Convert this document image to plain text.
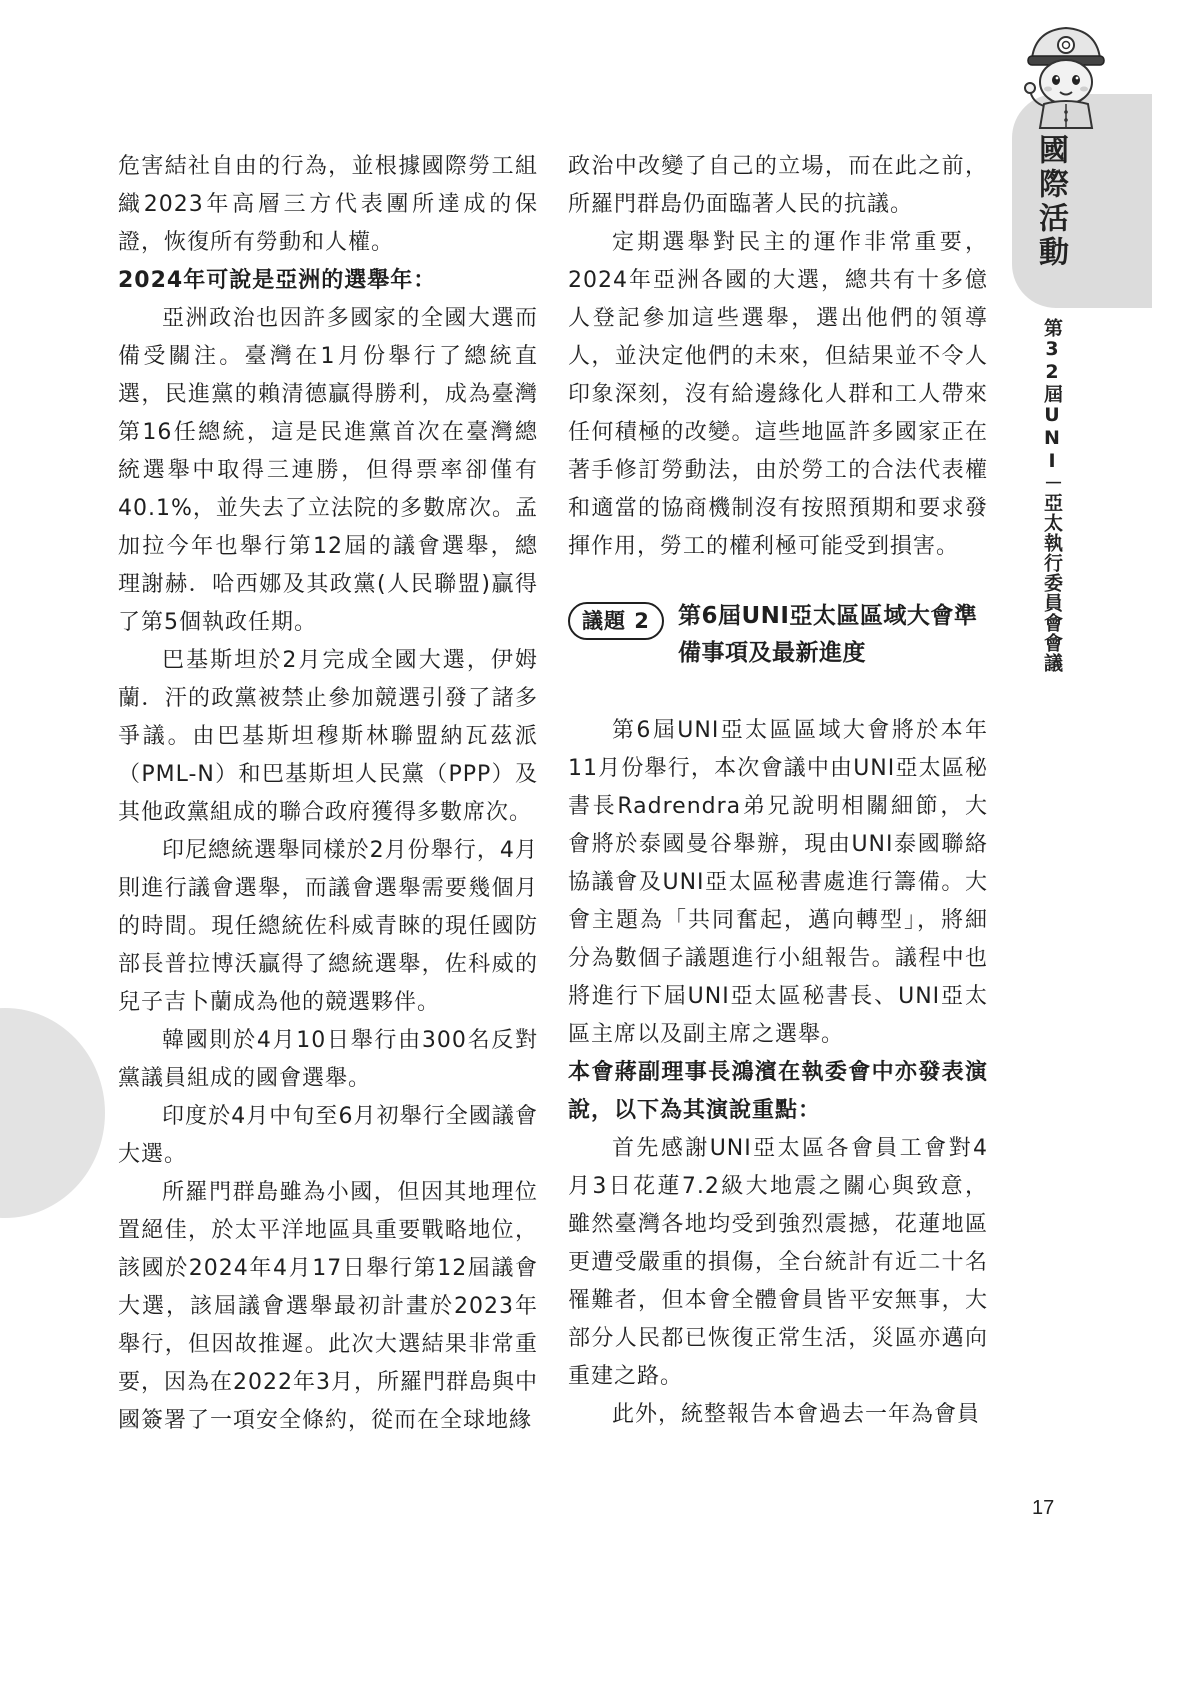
危害結社自由的行為，並根據國際勞工組織2023年高層三方代表團所達成的保證，恢復所有勞動和人權。

2024年可說是亞洲的選舉年：

亞洲政治也因許多國家的全國大選而備受關注。臺灣在1月份舉行了總統直選，民進黨的賴清德贏得勝利，成為臺灣第16任總統，這是民進黨首次在臺灣總統選舉中取得三連勝，但得票率卻僅有40.1%，並失去了立法院的多數席次。孟加拉今年也舉行第12屆的議會選舉，總理謝赫．哈西娜及其政黨(人民聯盟)贏得了第5個執政任期。

巴基斯坦於2月完成全國大選，伊姆蘭．汗的政黨被禁止參加競選引發了諸多爭議。由巴基斯坦穆斯林聯盟納瓦茲派（PML-N）和巴基斯坦人民黨（PPP）及其他政黨組成的聯合政府獲得多數席次。

印尼總統選舉同樣於2月份舉行，4月則進行議會選舉，而議會選舉需要幾個月的時間。現任總統佐科威青睞的現任國防部長普拉博沃贏得了總統選舉，佐科威的兒子吉卜蘭成為他的競選夥伴。

韓國則於4月10日舉行由300名反對黨議員組成的國會選舉。

印度於4月中旬至6月初舉行全國議會大選。

所羅門群島雖為小國，但因其地理位置絕佳，於太平洋地區具重要戰略地位，該國於2024年4月17日舉行第12屆議會大選，該屆議會選舉最初計畫於2023年舉行，但因故推遲。此次大選結果非常重要，因為在2022年3月，所羅門群島與中國簽署了一項安全條約，從而在全球地緣

政治中改變了自己的立場，而在此之前，所羅門群島仍面臨著人民的抗議。

定期選舉對民主的運作非常重要，2024年亞洲各國的大選，總共有十多億人登記參加這些選舉，選出他們的領導人，並決定他們的未來，但結果並不令人印象深刻，沒有給邊緣化人群和工人帶來任何積極的改變。這些地區許多國家正在著手修訂勞動法，由於勞工的合法代表權和適當的協商機制沒有按照預期和要求發揮作用，勞工的權利極可能受到損害。

議題 2	第6屆UNI亞太區區域大會準備事項及最新進度

第6屆UNI亞太區區域大會將於本年11月份舉行，本次會議中由UNI亞太區秘書長Radrendra弟兄說明相關細節，大會將於泰國曼谷舉辦，現由UNI泰國聯絡協議會及UNI亞太區秘書處進行籌備。大會主題為「共同奮起，邁向轉型」，將細分為數個子議題進行小組報告。議程中也將進行下屆UNI亞太區秘書長、UNI亞太區主席以及副主席之選舉。

本會蔣副理事長鴻濱在執委會中亦發表演說，以下為其演說重點：

首先感謝UNI亞太區各會員工會對4月3日花蓮7.2級大地震之關心與致意，雖然臺灣各地均受到強烈震撼，花蓮地區更遭受嚴重的損傷，全台統計有近二十名罹難者，但本會全體會員皆平安無事，大部分人民都已恢復正常生活，災區亦邁向重建之路。

此外，統整報告本會過去一年為會員

國際活動
第32屆UNI－亞太執行委員會會議
17
